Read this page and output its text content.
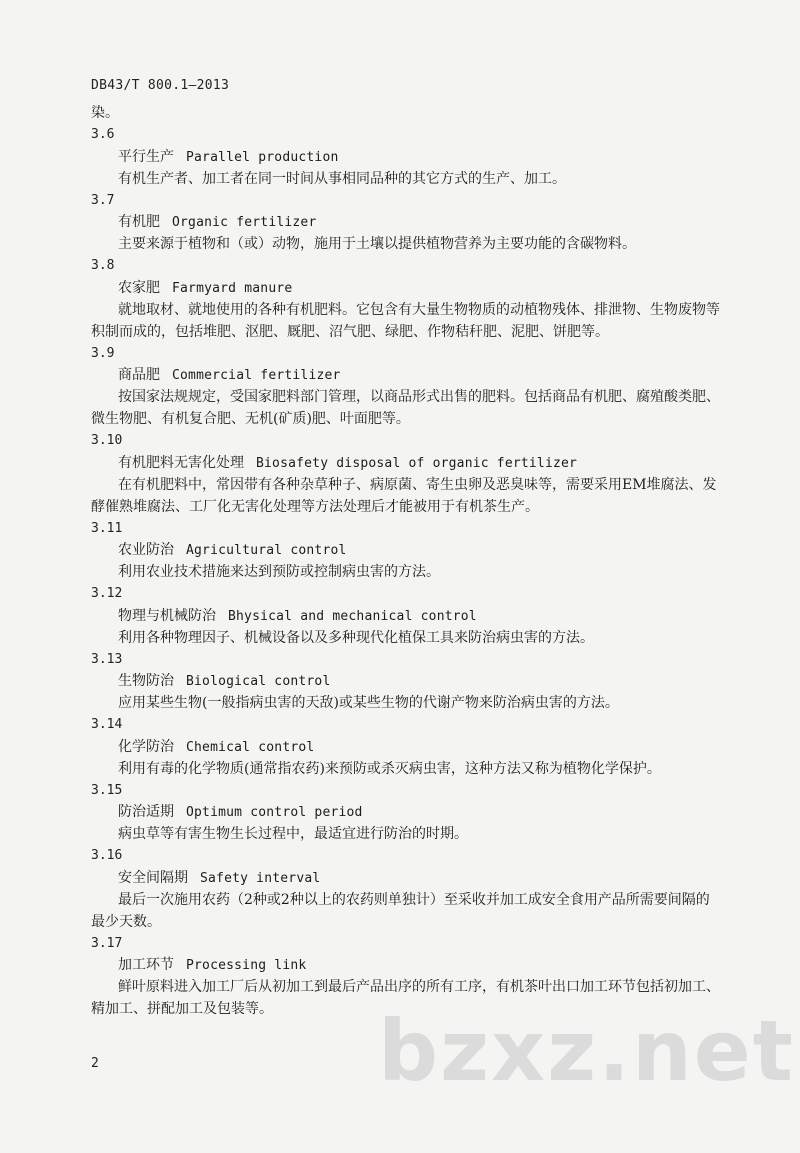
DB43/T 800.1—2013
染。
3.6
平行生产 Parallel production
有机生产者、加工者在同一时间从事相同品种的其它方式的生产、加工。
3.7
有机肥 Organic fertilizer
主要来源于植物和（或）动物，施用于土壤以提供植物营养为主要功能的含碳物料。
3.8
农家肥 Farmyard manure
就地取材、就地使用的各种有机肥料。它包含有大量生物物质的动植物残体、排泄物、生物废物等
积制而成的，包括堆肥、沤肥、厩肥、沼气肥、绿肥、作物秸秆肥、泥肥、饼肥等。
3.9
商品肥 Commercial fertilizer
按国家法规规定，受国家肥料部门管理，以商品形式出售的肥料。包括商品有机肥、腐殖酸类肥、
微生物肥、有机复合肥、无机(矿质)肥、叶面肥等。
3.10
有机肥料无害化处理 Biosafety disposal of organic fertilizer
在有机肥料中，常因带有各种杂草种子、病原菌、寄生虫卵及恶臭味等，需要采用EM堆腐法、发
酵催熟堆腐法、工厂化无害化处理等方法处理后才能被用于有机茶生产。
3.11
农业防治 Agricultural control
利用农业技术措施来达到预防或控制病虫害的方法。
3.12
物理与机械防治 Bhysical and mechanical control
利用各种物理因子、机械设备以及多种现代化植保工具来防治病虫害的方法。
3.13
生物防治 Biological control
应用某些生物(一般指病虫害的天敌)或某些生物的代谢产物来防治病虫害的方法。
3.14
化学防治 Chemical control
利用有毒的化学物质(通常指农药)来预防或杀灭病虫害，这种方法又称为植物化学保护。
3.15
防治适期 Optimum control period
病虫草等有害生物生长过程中，最适宜进行防治的时期。
3.16
安全间隔期 Safety interval
最后一次施用农药（2种或2种以上的农药则单独计）至采收并加工成安全食用产品所需要间隔的
最少天数。
3.17
加工环节 Processing link
鲜叶原料进入加工厂后从初加工到最后产品出序的所有工序，有机茶叶出口加工环节包括初加工、
精加工、拼配加工及包装等。
2	bzxz.net
